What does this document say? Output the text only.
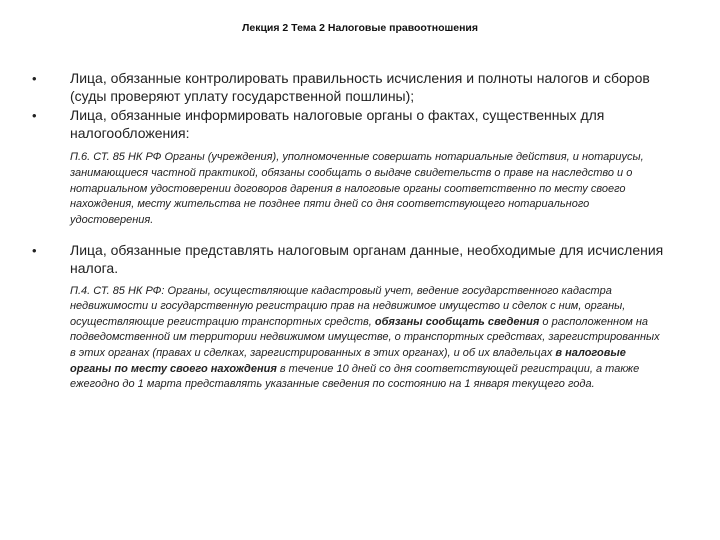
Лекция 2 Тема 2 Налоговые правоотношения

• Лица, обязанные контролировать правильность исчисления и полноты налогов и сборов (суды проверяют уплату государственной пошлины);

• Лица, обязанные информировать налоговые органы о фактах, существенных для налогообложения:

П.6. СТ. 85 НК РФ Органы (учреждения), уполномоченные совершать нотариальные действия, и нотариусы, занимающиеся частной практикой, обязаны сообщать о выдаче свидетельств о праве на наследство и о нотариальном удостоверении договоров дарения в налоговые органы соответственно по месту своего нахождения, месту жительства не позднее пяти дней со дня соответствующего нотариального удостоверения.

• Лица, обязанные представлять налоговым органам данные, необходимые для исчисления налога.

П.4. СТ. 85 НК РФ: Органы, осуществляющие кадастровый учет, ведение государственного кадастра недвижимости и государственную регистрацию прав на недвижимое имущество и сделок с ним, органы, осуществляющие регистрацию транспортных средств, обязаны сообщать сведения о расположенном на подведомственной им территории недвижимом имуществе, о транспортных средствах, зарегистрированных в этих органах (правах и сделках, зарегистрированных в этих органах), и об их владельцах в налоговые органы по месту своего нахождения в течение 10 дней со дня соответствующей регистрации, а также ежегодно до 1 марта представлять указанные сведения по состоянию на 1 января текущего года.
